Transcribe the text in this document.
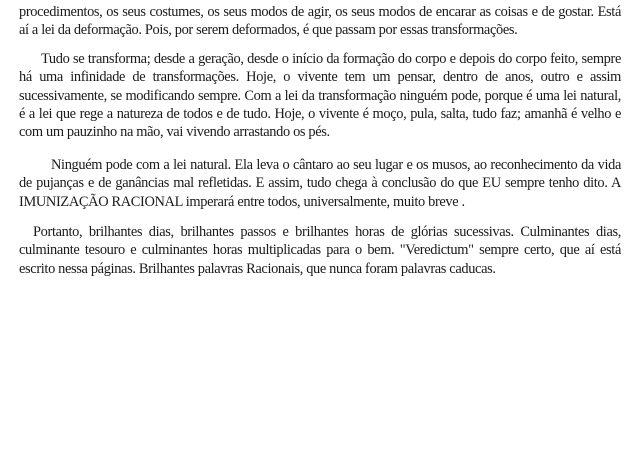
procedimentos, os seus costumes, os seus modos de agir, os seus modos de encarar as coisas e de gostar. Está aí a lei da deformação. Pois, por serem deformados, é que passam por essas transformações.

Tudo se transforma; desde a geração, desde o início da formação do corpo e depois do corpo feito, sempre há uma infinidade de transformações. Hoje, o vivente tem um pensar, dentro de anos, outro e assim sucessivamente, se modificando sempre. Com a lei da transformação ninguém pode, porque é uma lei natural, é a lei que rege a natureza de todos e de tudo. Hoje, o vivente é moço, pula, salta, tudo faz; amanhã é velho e com um pauzinho na mão, vai vivendo arrastando os pés.

Ninguém pode com a lei natural. Ela leva o cântaro ao seu lugar e os musos, ao reconhecimento da vida de pujanças e de ganâncias mal refletidas. E assim, tudo chega à conclusão do que EU sempre tenho dito. A IMUNIZAÇÃO RACIONAL imperará entre todos, universalmente, muito breve .

Portanto, brilhantes dias, brilhantes passos e brilhantes horas de glórias sucessivas. Culminantes dias, culminante tesouro e culminantes horas multiplicadas para o bem. "Veredictum" sempre certo, que aí está escrito nessa páginas. Brilhantes palavras Racionais, que nunca foram palavras caducas.
